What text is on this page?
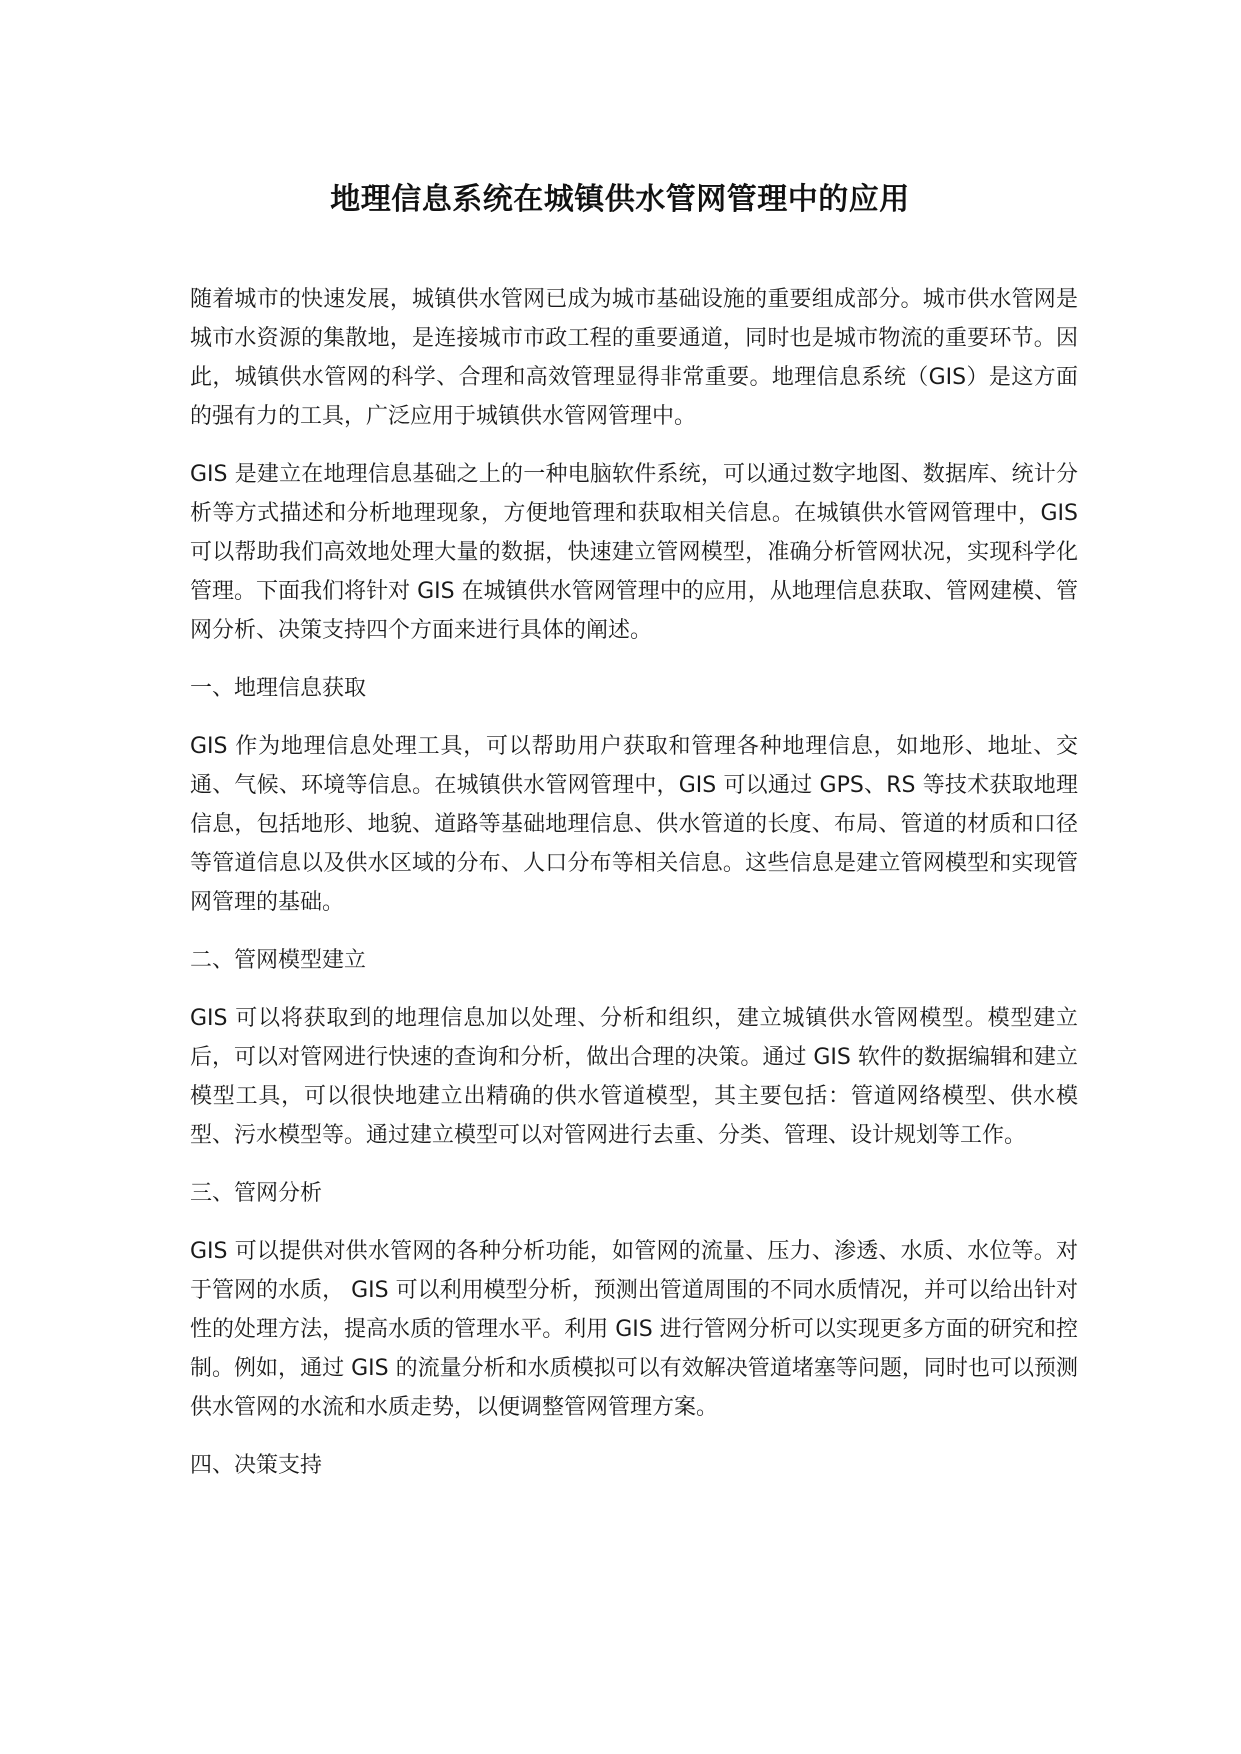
地理信息系统在城镇供水管网管理中的应用

随着城市的快速发展，城镇供水管网已成为城市基础设施的重要组成部分。城市供水管网是城市水资源的集散地，是连接城市市政工程的重要通道，同时也是城市物流的重要环节。因此，城镇供水管网的科学、合理和高效管理显得非常重要。地理信息系统（GIS）是这方面的强有力的工具，广泛应用于城镇供水管网管理中。

GIS 是建立在地理信息基础之上的一种电脑软件系统，可以通过数字地图、数据库、统计分析等方式描述和分析地理现象，方便地管理和获取相关信息。在城镇供水管网管理中，GIS 可以帮助我们高效地处理大量的数据，快速建立管网模型，准确分析管网状况，实现科学化管理。下面我们将针对 GIS 在城镇供水管网管理中的应用，从地理信息获取、管网建模、管网分析、决策支持四个方面来进行具体的阐述。

一、地理信息获取

GIS 作为地理信息处理工具，可以帮助用户获取和管理各种地理信息，如地形、地址、交通、气候、环境等信息。在城镇供水管网管理中，GIS 可以通过 GPS、RS 等技术获取地理信息，包括地形、地貌、道路等基础地理信息、供水管道的长度、布局、管道的材质和口径等管道信息以及供水区域的分布、人口分布等相关信息。这些信息是建立管网模型和实现管网管理的基础。

二、管网模型建立

GIS 可以将获取到的地理信息加以处理、分析和组织，建立城镇供水管网模型。模型建立后，可以对管网进行快速的查询和分析，做出合理的决策。通过 GIS 软件的数据编辑和建立模型工具，可以很快地建立出精确的供水管道模型，其主要包括：管道网络模型、供水模型、污水模型等。通过建立模型可以对管网进行去重、分类、管理、设计规划等工作。

三、管网分析

GIS 可以提供对供水管网的各种分析功能，如管网的流量、压力、渗透、水质、水位等。对于管网的水质， GIS 可以利用模型分析，预测出管道周围的不同水质情况，并可以给出针对性的处理方法，提高水质的管理水平。利用 GIS 进行管网分析可以实现更多方面的研究和控制。例如，通过 GIS 的流量分析和水质模拟可以有效解决管道堵塞等问题，同时也可以预测供水管网的水流和水质走势，以便调整管网管理方案。

四、决策支持
